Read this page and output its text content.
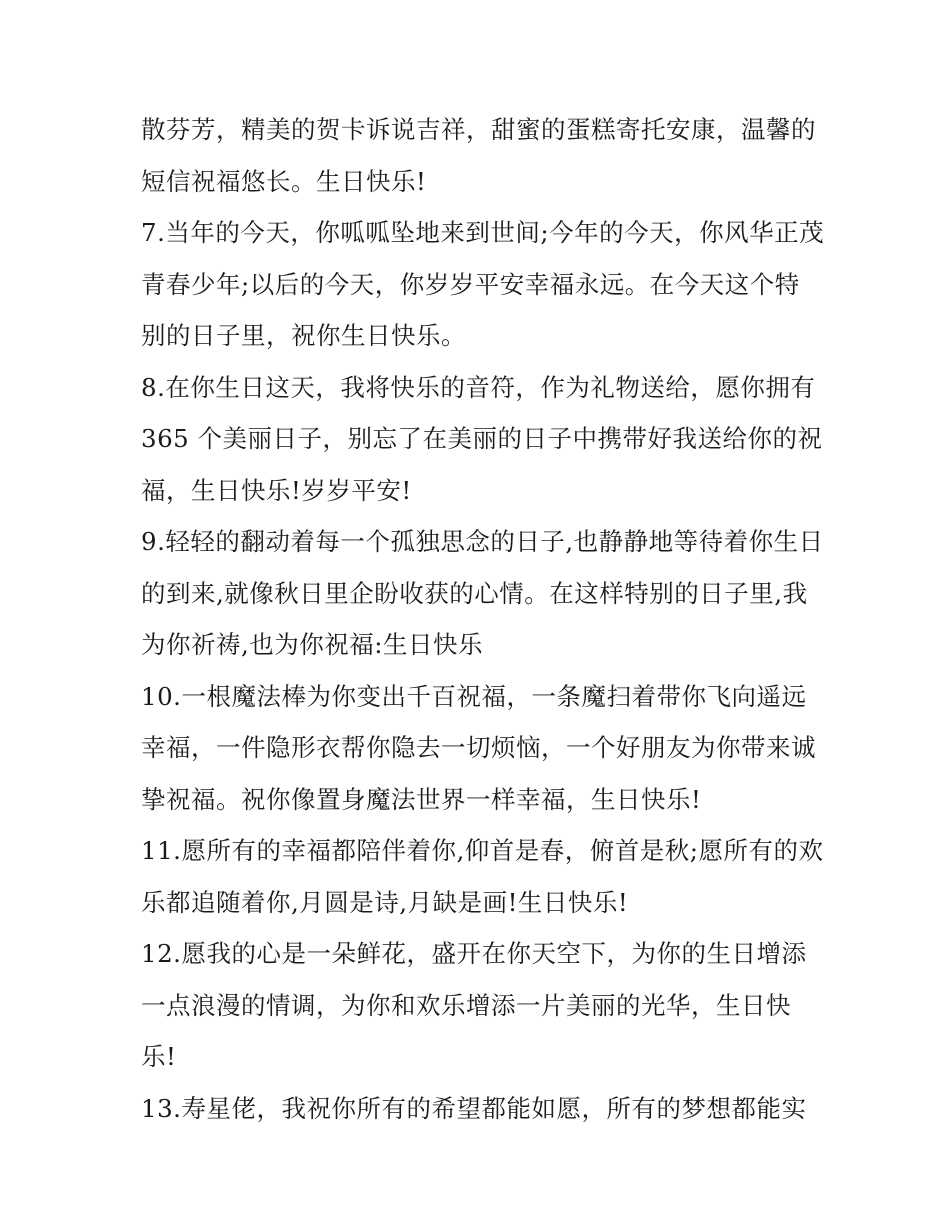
散芬芳，精美的贺卡诉说吉祥，甜蜜的蛋糕寄托安康，温馨的
短信祝福悠长。生日快乐!
7.当年的今天，你呱呱坠地来到世间;今年的今天，你风华正茂
青春少年;以后的今天，你岁岁平安幸福永远。在今天这个特
别的日子里，祝你生日快乐。
8.在你生日这天，我将快乐的音符，作为礼物送给，愿你拥有
365 个美丽日子，别忘了在美丽的日子中携带好我送给你的祝
福，生日快乐!岁岁平安!
9.轻轻的翻动着每一个孤独思念的日子,也静静地等待着你生日
的到来,就像秋日里企盼收获的心情。在这样特别的日子里,我
为你祈祷,也为你祝福:生日快乐
10.一根魔法棒为你变出千百祝福，一条魔扫着带你飞向遥远
幸福，一件隐形衣帮你隐去一切烦恼，一个好朋友为你带来诚
挚祝福。祝你像置身魔法世界一样幸福，生日快乐!
11.愿所有的幸福都陪伴着你,仰首是春，俯首是秋;愿所有的欢
乐都追随着你,月圆是诗,月缺是画!生日快乐!
12.愿我的心是一朵鲜花，盛开在你天空下，为你的生日增添
一点浪漫的情调，为你和欢乐增添一片美丽的光华，生日快
乐!
13.寿星佬，我祝你所有的希望都能如愿，所有的梦想都能实
